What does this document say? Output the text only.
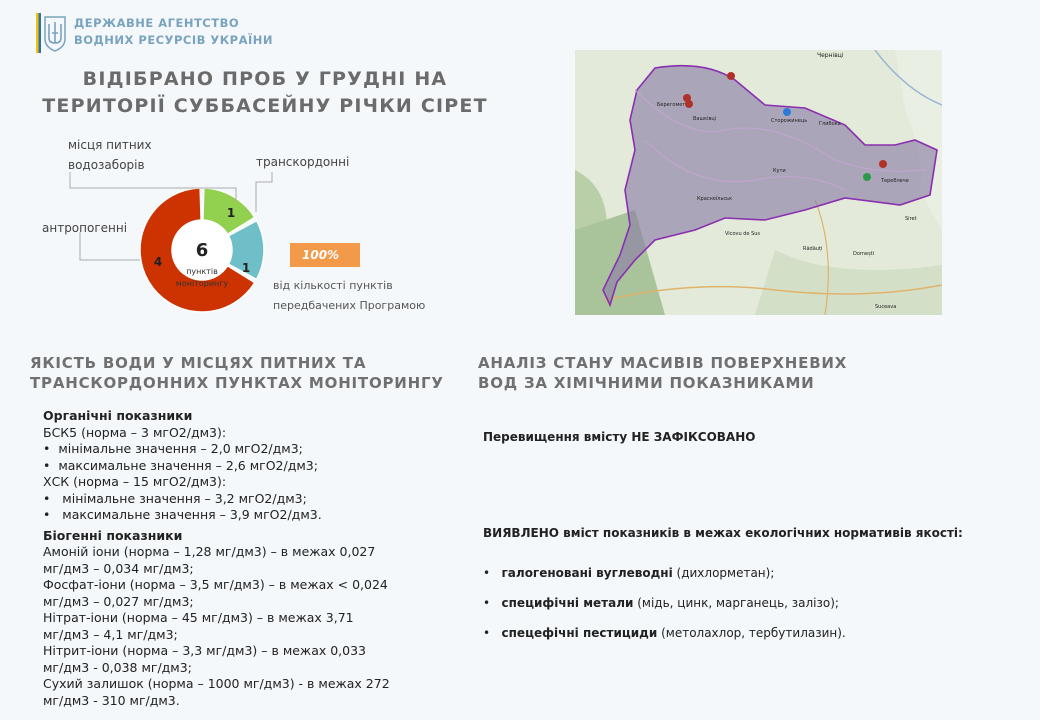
ДЕРЖАВНЕ АГЕНТСТВО
ВОДНИХ РЕСУРСІВ УКРАЇНИ
ВІДІБРАНО ПРОБ У ГРУДНІ НА
ТЕРИТОРІЇ СУББАСЕЙНУ РІЧКИ СІРЕТ
6
пунктів
моніторингу
1
1
4
місця питних
водозаборів	транскордонні
антропогенні
100%
від кількості пунктів
передбачених Програмою
Чернівці
Берегомет
Сторожинець Глибока
Вашківці
Кути
Красноїльськ
Тереблече
Siret
Rădăuți
Dornești
Vicovu de Sus
Suceava
ЯКІСТЬ ВОДИ У МІСЦЯХ ПИТНИХ ТА
ТРАНСКОРДОННИХ ПУНКТАХ МОНІТОРИНГУ
Органічні показники
БСК5 (норма – 3 мгО2/дм3):
•  мінімальне значення – 2,0 мгО2/дм3;
•  максимальне значення – 2,6 мгО2/дм3;
ХСК (норма – 15 мгО2/дм3):
•   мінімальне значення – 3,2 мгО2/дм3;
•   максимальне значення – 3,9 мгО2/дм3.
Біогенні показники
Амоній іони (норма – 1,28 мг/дм3) – в межах 0,027
мг/дм3 – 0,034 мг/дм3;
Фосфат-іони (норма – 3,5 мг/дм3) – в межах < 0,024
мг/дм3 – 0,027 мг/дм3;
Нітрат-іони (норма – 45 мг/дм3) – в межах 3,71
мг/дм3 – 4,1 мг/дм3;
Нітрит-іони (норма – 3,3 мг/дм3) – в межах 0,033
мг/дм3 - 0,038 мг/дм3;
Сухий залишок (норма – 1000 мг/дм3) - в межах 272
мг/дм3 - 310 мг/дм3.
АНАЛІЗ СТАНУ МАСИВІВ ПОВЕРХНЕВИХ
ВОД ЗА ХІМІЧНИМИ ПОКАЗНИКАМИ
Перевищення вмісту НЕ ЗАФІКСОВАНО
ВИЯВЛЕНО вміст показників в межах екологічних нормативів якості:
•   галогеновані вуглеводні (дихлорметан);
•   специфічні метали (мідь, цинк, марганець, залізо);
•   спецефічні пестициди (метолахлор, тербутилазин).
